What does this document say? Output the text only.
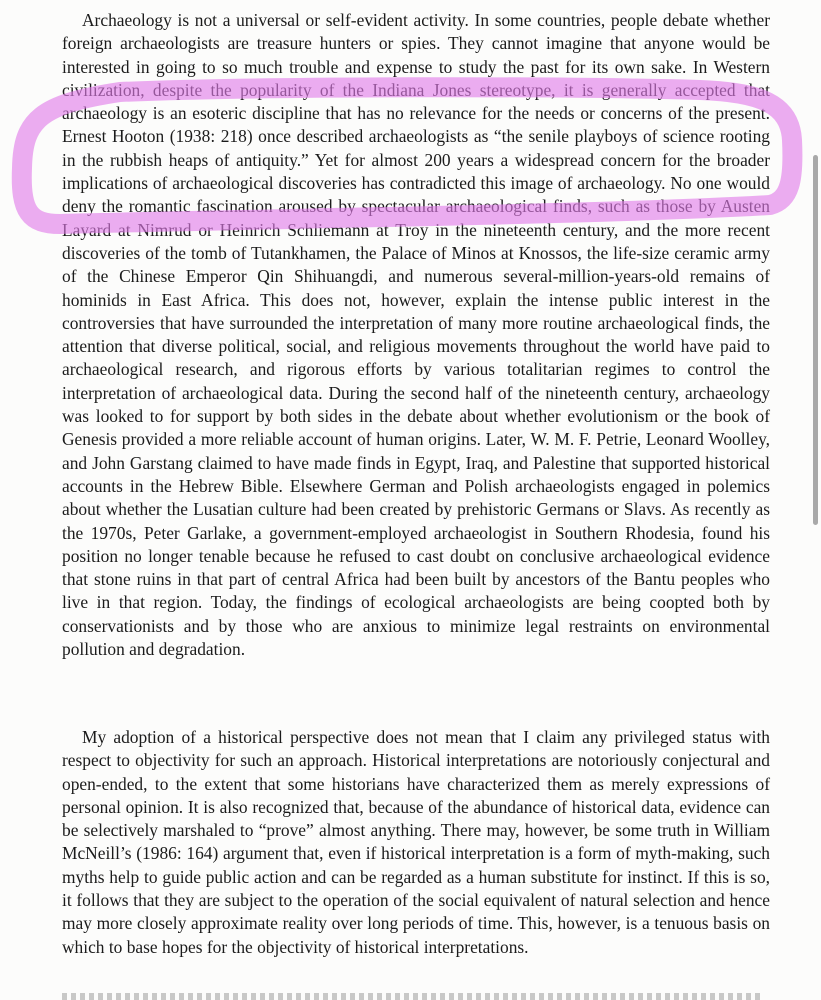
Archaeology is not a universal or self-evident activity. In some countries, people debate whether foreign archaeologists are treasure hunters or spies. They cannot imagine that anyone would be interested in going to so much trouble and expense to study the past for its own sake. In Western civilization, despite the popularity of the Indiana Jones stereotype, it is generally accepted that archaeology is an esoteric discipline that has no relevance for the needs or concerns of the present. Ernest Hooton (1938: 218) once described archaeologists as “the senile playboys of science rooting in the rubbish heaps of antiquity.” Yet for almost 200 years a widespread concern for the broader implications of archaeological discoveries has contradicted this image of archaeology. No one would deny the romantic fascination aroused by spectacular archaeological finds, such as those by Austen Layard at Nimrud or Heinrich Schliemann at Troy in the nineteenth century, and the more recent discoveries of the tomb of Tutankhamen, the Palace of Minos at Knossos, the life-size ceramic army of the Chinese Emperor Qin Shihuangdi, and numerous several-million-years-old remains of hominids in East Africa. This does not, however, explain the intense public interest in the controversies that have surrounded the interpretation of many more routine archaeological finds, the attention that diverse political, social, and religious movements throughout the world have paid to archaeological research, and rigorous efforts by various totalitarian regimes to control the interpretation of archaeological data. During the second half of the nineteenth century, archaeology was looked to for support by both sides in the debate about whether evolutionism or the book of Genesis provided a more reliable account of human origins. Later, W. M. F. Petrie, Leonard Woolley, and John Garstang claimed to have made finds in Egypt, Iraq, and Palestine that supported historical accounts in the Hebrew Bible. Elsewhere German and Polish archaeologists engaged in polemics about whether the Lusatian culture had been created by prehistoric Germans or Slavs. As recently as the 1970s, Peter Garlake, a government-employed archaeologist in Southern Rhodesia, found his position no longer tenable because he refused to cast doubt on conclusive archaeological evidence that stone ruins in that part of central Africa had been built by ancestors of the Bantu peoples who live in that region. Today, the findings of ecological archaeologists are being coopted both by conservationists and by those who are anxious to minimize legal restraints on environmental pollution and degradation.
My adoption of a historical perspective does not mean that I claim any privileged status with respect to objectivity for such an approach. Historical interpretations are notoriously conjectural and open-ended, to the extent that some historians have characterized them as merely expressions of personal opinion. It is also recognized that, because of the abundance of historical data, evidence can be selectively marshaled to “prove” almost anything. There may, however, be some truth in William McNeill’s (1986: 164) argument that, even if historical interpretation is a form of myth-making, such myths help to guide public action and can be regarded as a human substitute for instinct. If this is so, it follows that they are subject to the operation of the social equivalent of natural selection and hence may more closely approximate reality over long periods of time. This, however, is a tenuous basis on which to base hopes for the objectivity of historical interpretations.
